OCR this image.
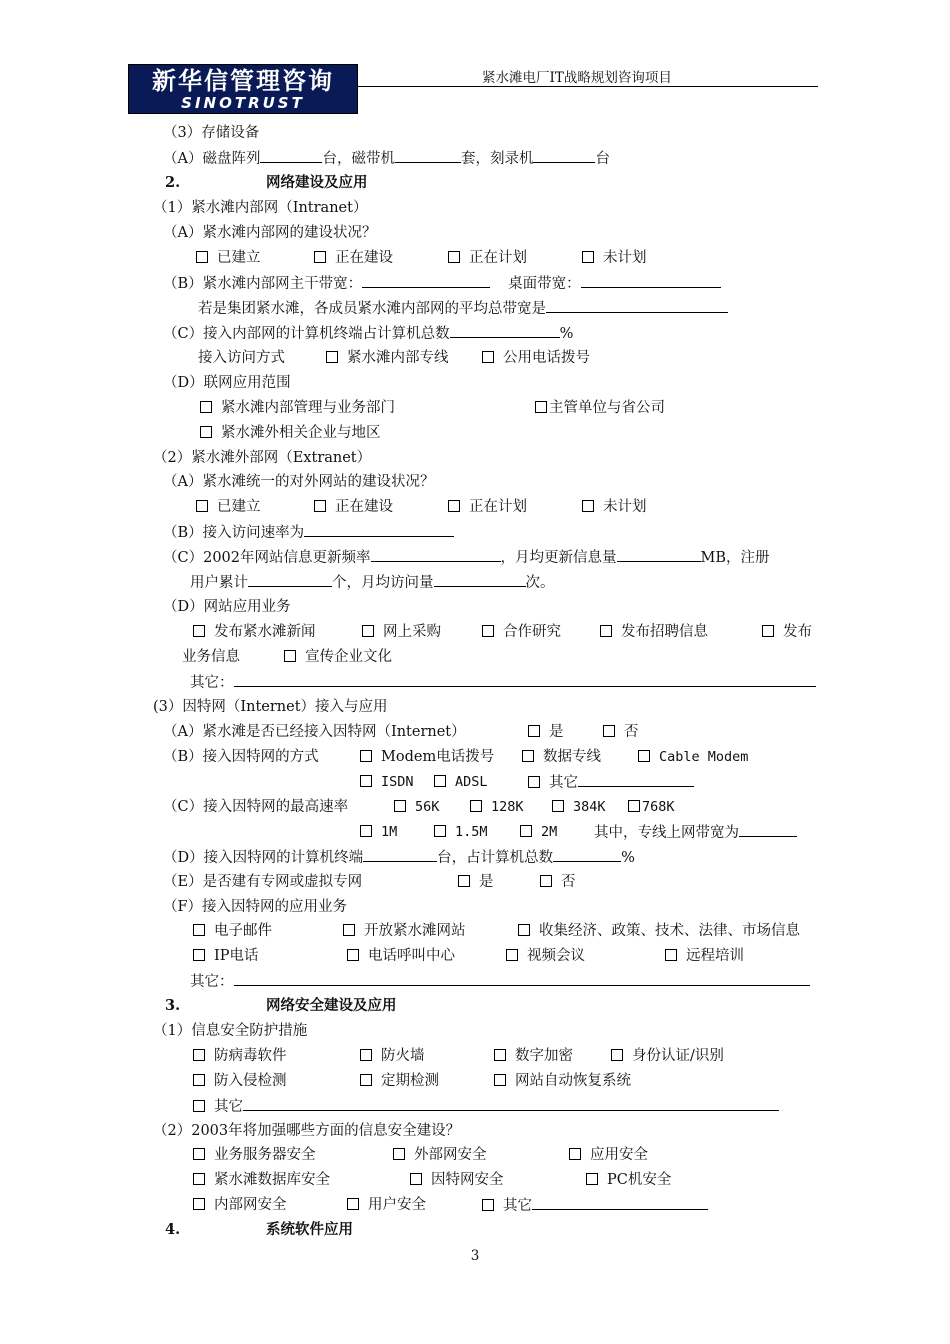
新华信管理咨询
SINOTRUST
紧水滩电厂IT战略规划咨询项目
（3）存储设备
（A）磁盘阵列	台，磁带机	套，刻录机	台
2.	网络建设及应用
（1）紧水滩内部网（Intranet）
（A）紧水滩内部网的建设状况？
已建立	正在建设	正在计划	未计划
（B）紧水滩内部网主干带宽：	桌面带宽：
若是集团紧水滩，各成员紧水滩内部网的平均总带宽是
（C）接入内部网的计算机终端占计算机总数	%
接入访问方式	紧水滩内部专线	公用电话拨号
（D）联网应用范围
紧水滩内部管理与业务部门	主管单位与省公司
紧水滩外相关企业与地区
（2）紧水滩外部网（Extranet）
（A）紧水滩统一的对外网站的建设状况？
已建立	正在建设	正在计划	未计划
（B）接入访问速率为
（C）2002年网站信息更新频率	，月均更新信息量	MB，注册
用户累计	个，月均访问量	次。
（D）网站应用业务
发布紧水滩新闻	网上采购	合作研究	发布招聘信息	发布
业务信息	宣传企业文化
其它：
(3）因特网（Internet）接入与应用
（A）紧水滩是否已经接入因特网（Internet）	是	否
（B）接入因特网的方式	Modem电话拨号	数据专线	Cable Modem
ISDN	ADSL	其它
（C）接入因特网的最高速率	56K	128K	384K	768K
1M	1.5M	2M	其中，专线上网带宽为
（D）接入因特网的计算机终端	台，占计算机总数	%
（E）是否建有专网或虚拟专网	是	否
（F）接入因特网的应用业务
电子邮件	开放紧水滩网站	收集经济、政策、技术、法律、市场信息
IP电话	电话呼叫中心	视频会议	远程培训
其它：
3.	网络安全建设及应用
（1）信息安全防护措施
防病毒软件	防火墙	数字加密	身份认证/识别
防入侵检测	定期检测	网站自动恢复系统
其它
（2）2003年将加强哪些方面的信息安全建设？
业务服务器安全	外部网安全	应用安全
紧水滩数据库安全	因特网安全	PC机安全
内部网安全	用户安全	其它
4.	系统软件应用
3
